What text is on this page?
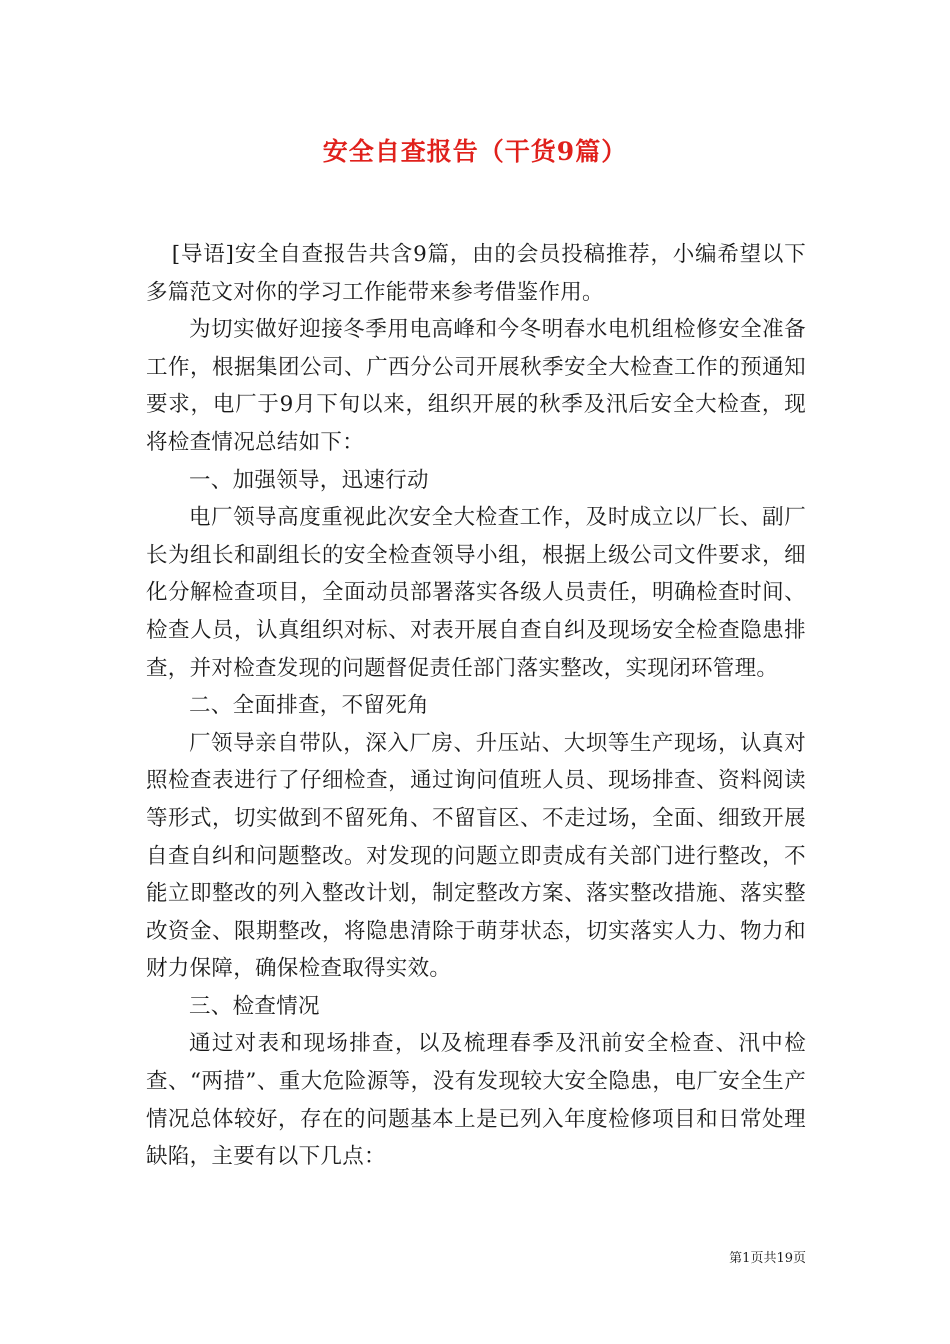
安全自查报告（干货9篇）

[导语]安全自查报告共含9篇，由的会员投稿推荐，小编希望以下多篇范文对你的学习工作能带来参考借鉴作用。

为切实做好迎接冬季用电高峰和今冬明春水电机组检修安全准备工作，根据集团公司、广西分公司开展秋季安全大检查工作的预通知要求，电厂于9月下旬以来，组织开展的秋季及汛后安全大检查，现将检查情况总结如下：

一、加强领导，迅速行动

电厂领导高度重视此次安全大检查工作，及时成立以厂长、副厂长为组长和副组长的安全检查领导小组，根据上级公司文件要求，细化分解检查项目，全面动员部署落实各级人员责任，明确检查时间、检查人员，认真组织对标、对表开展自查自纠及现场安全检查隐患排查，并对检查发现的问题督促责任部门落实整改，实现闭环管理。

二、全面排查，不留死角

厂领导亲自带队，深入厂房、升压站、大坝等生产现场，认真对照检查表进行了仔细检查，通过询问值班人员、现场排查、资料阅读等形式，切实做到不留死角、不留盲区、不走过场，全面、细致开展自查自纠和问题整改。对发现的问题立即责成有关部门进行整改，不能立即整改的列入整改计划，制定整改方案、落实整改措施、落实整改资金、限期整改，将隐患清除于萌芽状态，切实落实人力、物力和财力保障，确保检查取得实效。

三、检查情况

通过对表和现场排查，以及梳理春季及汛前安全检查、汛中检查、“两措”、重大危险源等，没有发现较大安全隐患，电厂安全生产情况总体较好，存在的问题基本上是已列入年度检修项目和日常处理缺陷，主要有以下几点：

第1页共19页
